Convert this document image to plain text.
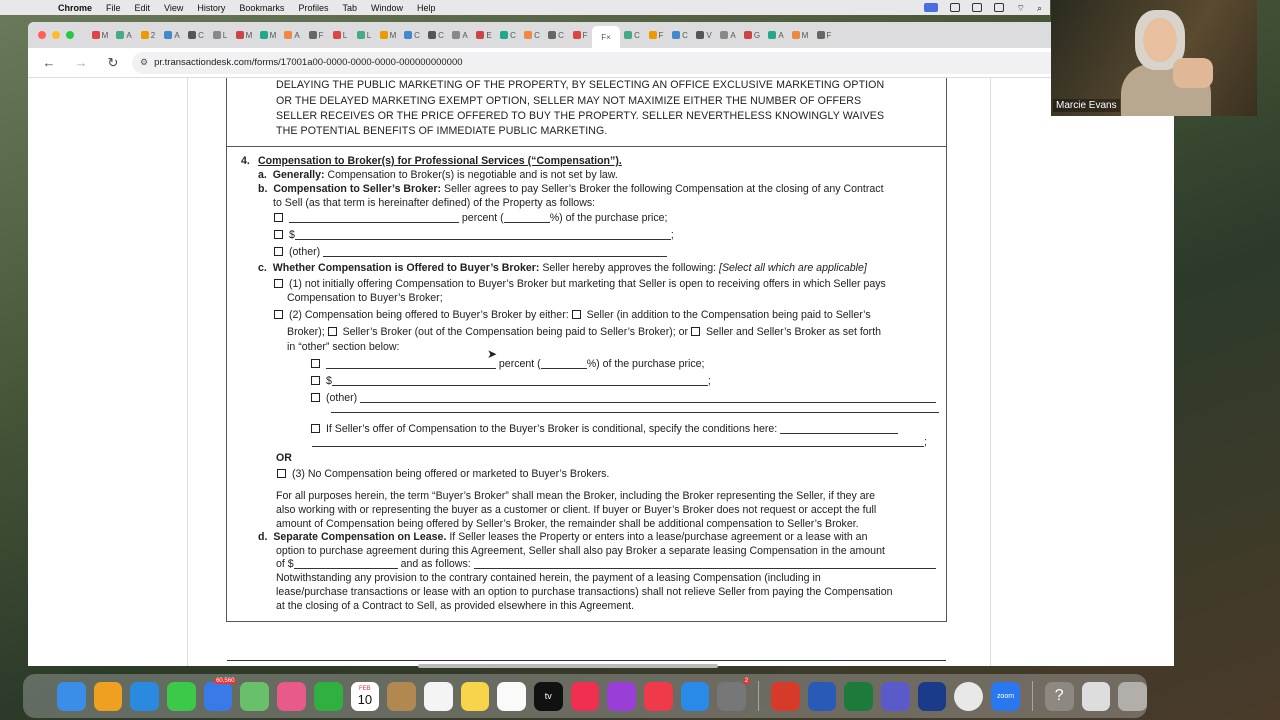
Chrome File Edit View History Bookmarks Profiles Tab Window Help	⌔ ⌕
M A 2 A C L M M A F L L M C C A E C C C F F ×	C F C V A G A M F
←	→	↻	⚙ pr.transactiondesk.com/forms/17001a00-0000-0000-0000-000000000000
DELAYING THE PUBLIC MARKETING OF THE PROPERTY, BY SELECTING AN OFFICE EXCLUSIVE MARKETING OPTION
OR THE DELAYED MARKETING EXEMPT OPTION, SELLER MAY NOT MAXIMIZE EITHER THE NUMBER OF OFFERS
SELLER RECEIVES OR THE PRICE OFFERED TO BUY THE PROPERTY. SELLER NEVERTHELESS KNOWINGLY WAIVES
THE POTENTIAL BENEFITS OF IMMEDIATE PUBLIC MARKETING.
4. Compensation to Broker(s) for Professional Services (“Compensation”).
a. Generally: Compensation to Broker(s) is negotiable and is not set by law.
b. Compensation to Seller’s Broker: Seller agrees to pay Seller’s Broker the following Compensation at the closing of any Contract
to Sell (as that term is hereinafter defined) of the Property as follows:
percent (	%) of the purchase price;
$	;
(other)
c. Whether Compensation is Offered to Buyer’s Broker: Seller hereby approves the following: [Select all which are applicable]
(1) not initially offering Compensation to Buyer’s Broker but marketing that Seller is open to receiving offers in which Seller pays
Compensation to Buyer’s Broker;
(2) Compensation being offered to Buyer’s Broker by either: Seller (in addition to the Compensation being paid to Seller’s
Broker); Seller’s Broker (out of the Compensation being paid to Seller’s Broker); or Seller and Seller’s Broker as set forth
in “other” section below:
percent (	%) of the purchase price;
$	;
(other)
If Seller’s offer of Compensation to the Buyer’s Broker is conditional, specify the conditions here:
;
OR
(3) No Compensation being offered or marketed to Buyer’s Brokers.
For all purposes herein, the term “Buyer’s Broker” shall mean the Broker, including the Broker representing the Seller, if they are
also working with or representing the buyer as a customer or client. If buyer or Buyer’s Broker does not request or accept the full
amount of Compensation being offered by Seller’s Broker, the remainder shall be additional compensation to Seller’s Broker.
d. Separate Compensation on Lease. If Seller leases the Property or enters into a lease/purchase agreement or a lease with an
option to purchase agreement during this Agreement, Seller shall also pay Broker a separate leasing Compensation in the amount
of $	and as follows:
Notwithstanding any provision to the contrary contained herein, the payment of a leasing Compensation (including in
lease/purchase transactions or lease with an option to purchase transactions) shall not relieve Seller from paying the Compensation
at the closing of a Contract to Sell, as provided elsewhere in this Agreement.
➤
Marcie Evans
60,560
FEB
10	tv
2
zoom	?
